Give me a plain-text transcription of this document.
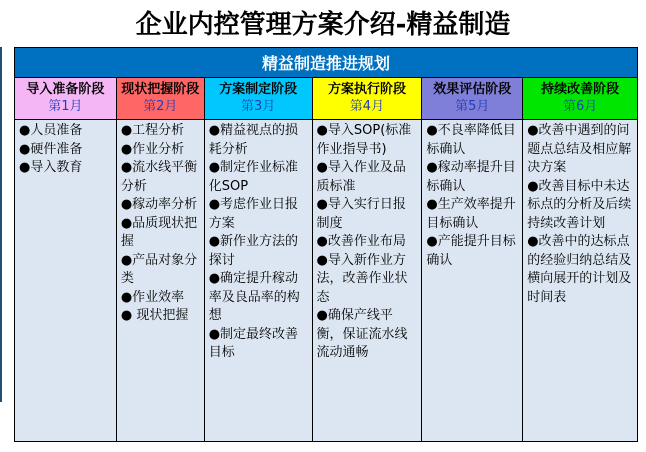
企业内控管理方案介绍-精益制造
精益制造推进规划
导入准备阶段
第1月
●人员准备
●硬件准备
●导入教育
现状把握阶段
第2月
●工程分析
●作业分析
●流水线平衡分析
●稼动率分析
●品质现状把握
●产品对象分类
●作业效率
● 现状把握
方案制定阶段
第3月
●精益视点的损耗分析
●制定作业标准化SOP
●考虑作业日报方案
●新作业方法的探讨
●确定提升稼动率及良品率的构想
●制定最终改善目标
方案执行阶段
第4月
●导入SOP(标准作业指导书)
●导入作业及品质标准
●导入实行日报制度
●改善作业布局
●导入新作业方法，改善作业状态
●确保产线平衡，保证流水线流动通畅
效果评估阶段
第5月
●不良率降低目标确认
●稼动率提升目标确认
●生产效率提升目标确认
●产能提升目标确认
持续改善阶段
第6月
●改善中遇到的问题点总结及相应解决方案
●改善目标中未达标点的分析及后续持续改善计划
●改善中的达标点的经验归纳总结及横向展开的计划及时间表
